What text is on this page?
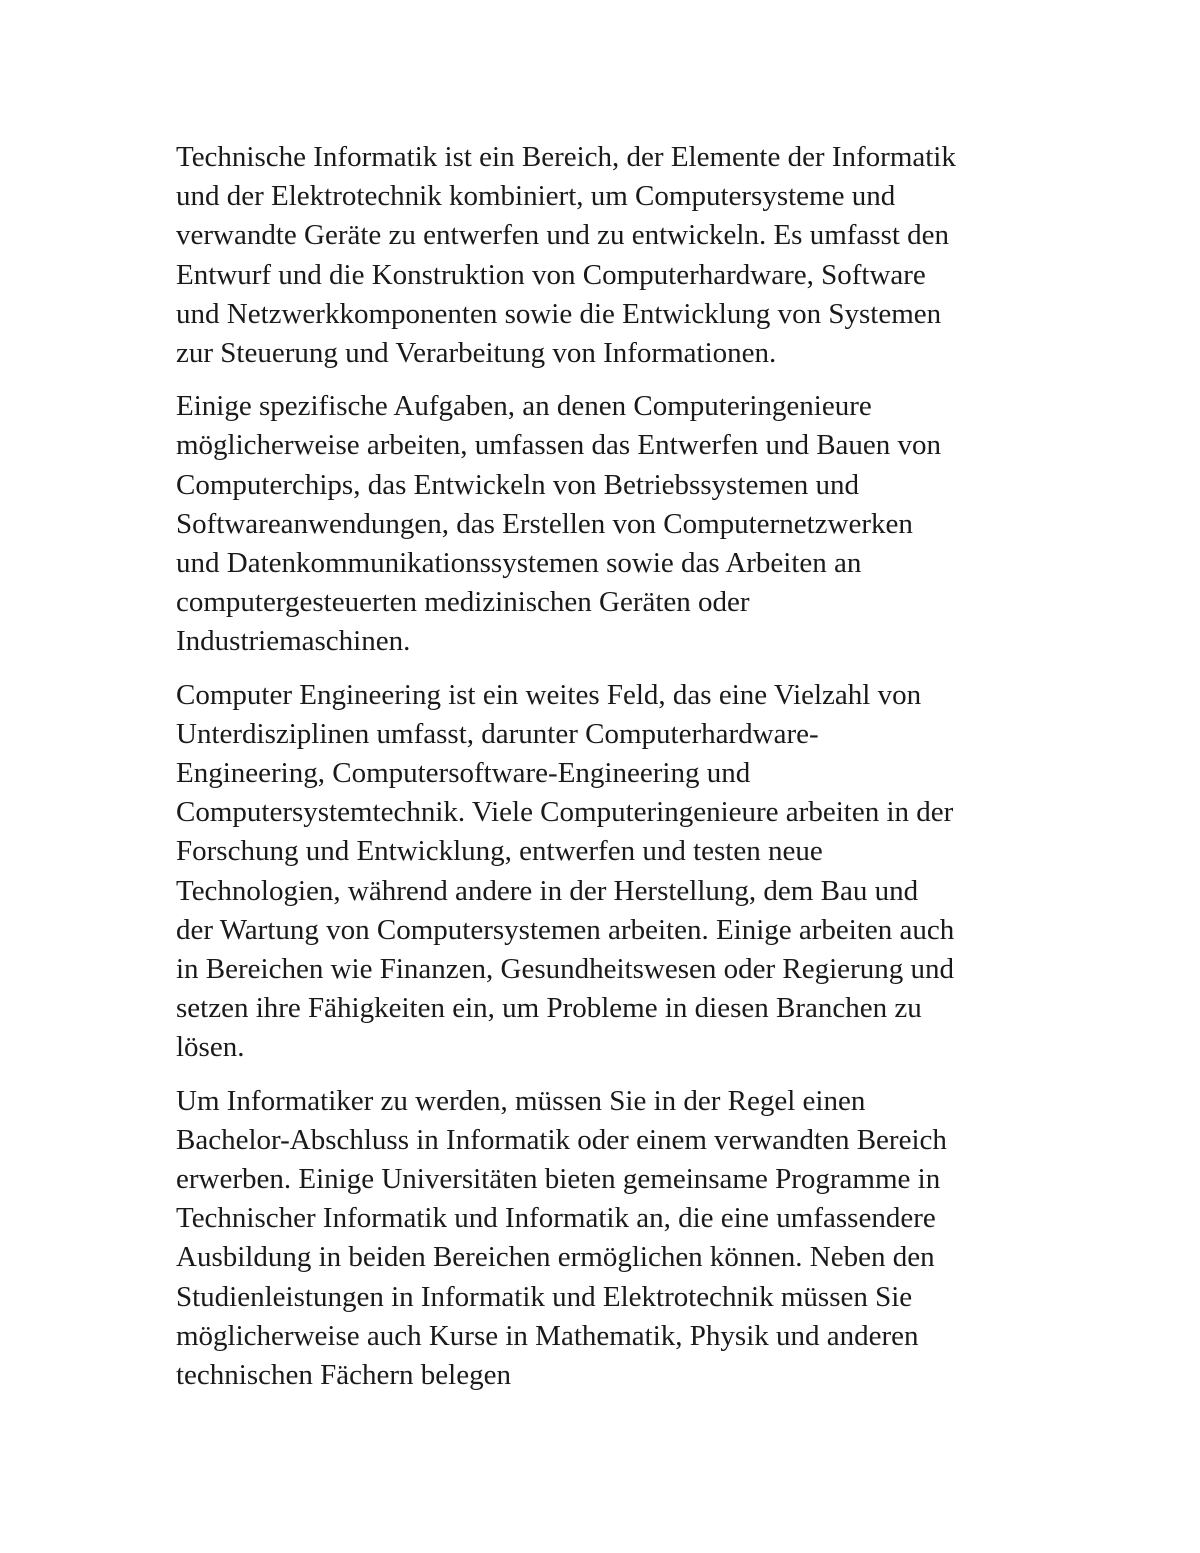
Technische Informatik ist ein Bereich, der Elemente der Informatik
und der Elektrotechnik kombiniert, um Computersysteme und
verwandte Geräte zu entwerfen und zu entwickeln. Es umfasst den
Entwurf und die Konstruktion von Computerhardware, Software
und Netzwerkkomponenten sowie die Entwicklung von Systemen
zur Steuerung und Verarbeitung von Informationen.

Einige spezifische Aufgaben, an denen Computeringenieure
möglicherweise arbeiten, umfassen das Entwerfen und Bauen von
Computerchips, das Entwickeln von Betriebssystemen und
Softwareanwendungen, das Erstellen von Computernetzwerken
und Datenkommunikationssystemen sowie das Arbeiten an
computergesteuerten medizinischen Geräten oder
Industriemaschinen.

Computer Engineering ist ein weites Feld, das eine Vielzahl von
Unterdisziplinen umfasst, darunter Computerhardware-
Engineering, Computersoftware-Engineering und
Computersystemtechnik. Viele Computeringenieure arbeiten in der
Forschung und Entwicklung, entwerfen und testen neue
Technologien, während andere in der Herstellung, dem Bau und
der Wartung von Computersystemen arbeiten. Einige arbeiten auch
in Bereichen wie Finanzen, Gesundheitswesen oder Regierung und
setzen ihre Fähigkeiten ein, um Probleme in diesen Branchen zu
lösen.

Um Informatiker zu werden, müssen Sie in der Regel einen
Bachelor-Abschluss in Informatik oder einem verwandten Bereich
erwerben. Einige Universitäten bieten gemeinsame Programme in
Technischer Informatik und Informatik an, die eine umfassendere
Ausbildung in beiden Bereichen ermöglichen können. Neben den
Studienleistungen in Informatik und Elektrotechnik müssen Sie
möglicherweise auch Kurse in Mathematik, Physik und anderen
technischen Fächern belegen
